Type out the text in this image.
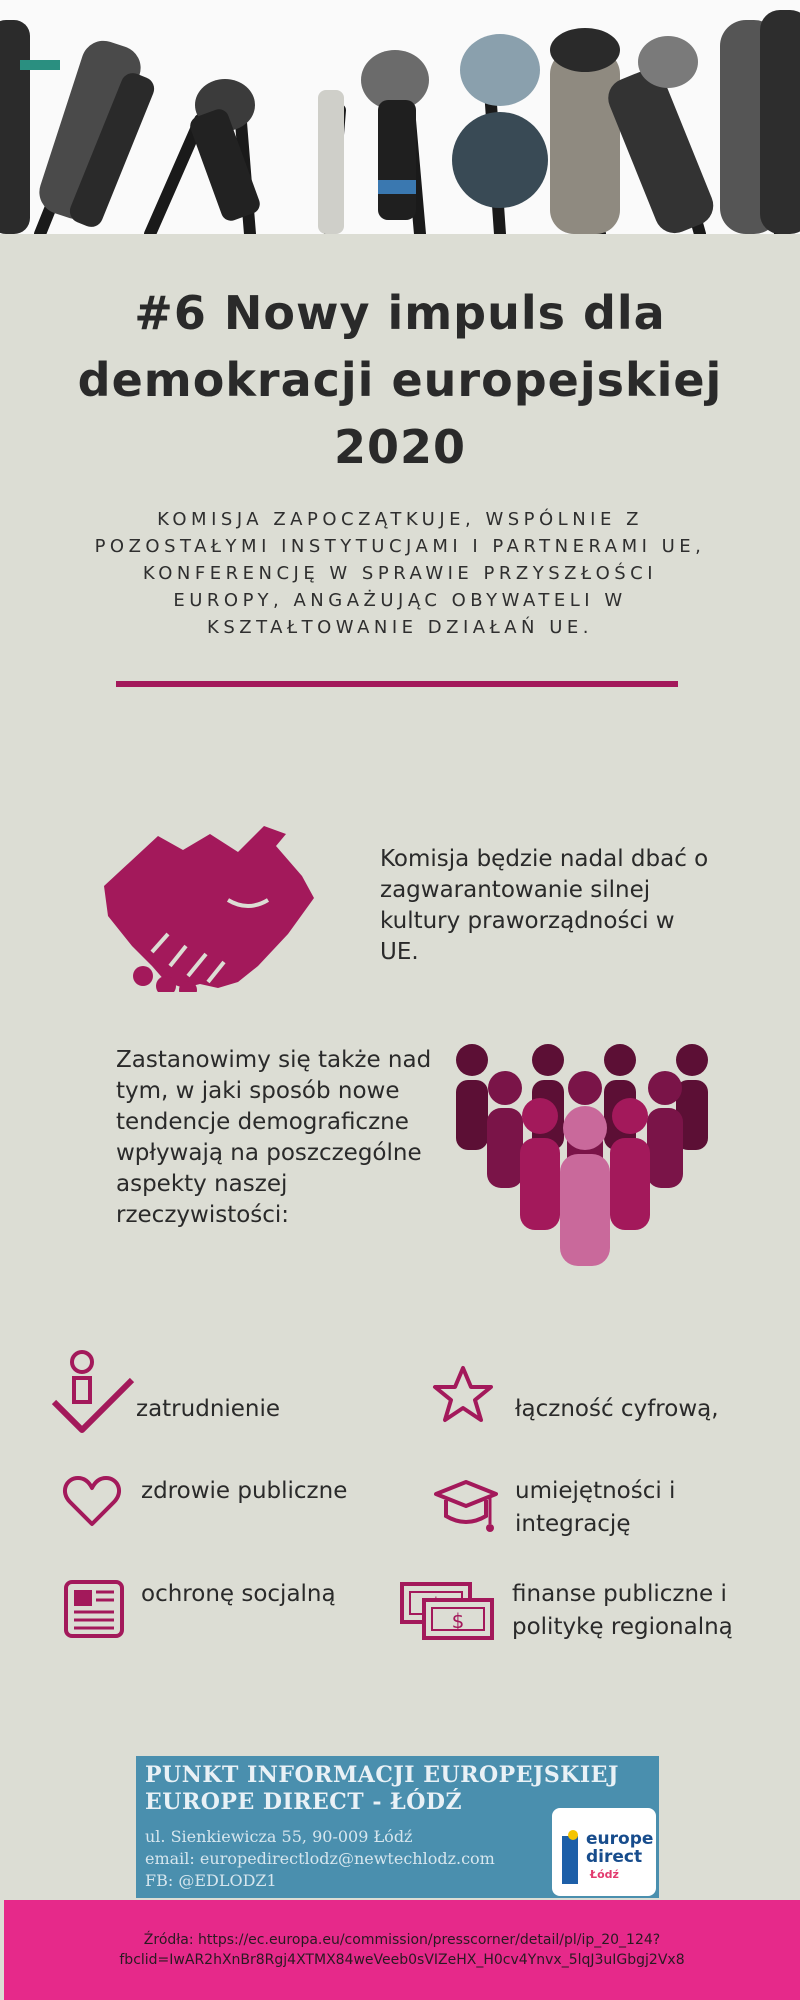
#6 Nowy impuls dla
demokracji europejskiej
2020
KOMISJA ZAPOCZĄTKUJE, WSPÓLNIE Z POZOSTAŁYMI INSTYTUCJAMI I PARTNERAMI UE, KONFERENCJĘ W SPRAWIE PRZYSZŁOŚCI EUROPY, ANGAŻUJĄC OBYWATELI W KSZTAŁTOWANIE DZIAŁAŃ UE.
Komisja będzie nadal dbać o zagwarantowanie silnej kultury praworządności w UE.
Zastanowimy się także nad tym, w jaki sposób nowe tendencje demograficzne wpływają na poszczególne aspekty naszej rzeczywistości:
zatrudnienie	łączność cyfrową,
zdrowie publiczne	umiejętności i integrację
ochronę socjalną
$
finanse publiczne i politykę regionalną
PUNKT INFORMACJI EUROPEJSKIEJ
EUROPE DIRECT - ŁÓDŹ
ul. Sienkiewicza 55, 90-009 Łódź
email: europedirectlodz@newtechlodz.com
FB: @EDLODZ1
europe
direct
Łódź
Źródła: https://ec.europa.eu/commission/presscorner/detail/pl/ip_20_124?
fbclid=IwAR2hXnBr8Rgj4XTMX84weVeeb0sVIZeHX_H0cv4Ynvx_5lqJ3uIGbgj2Vx8
